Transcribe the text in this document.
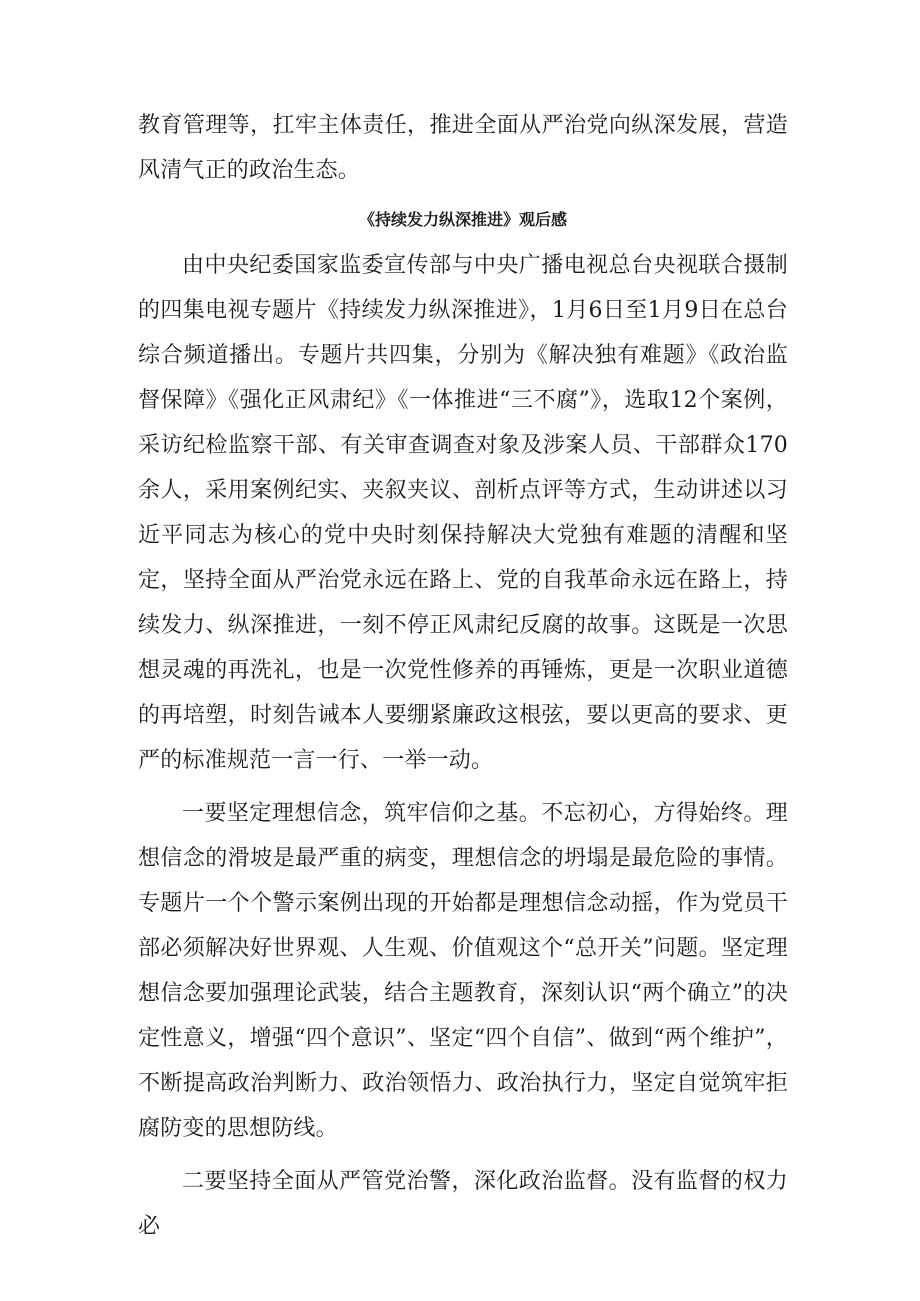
教育管理等，扛牢主体责任，推进全面从严治党向纵深发展，营造风清气正的政治生态。

《持续发力纵深推进》观后感

由中央纪委国家监委宣传部与中央广播电视总台央视联合摄制的四集电视专题片《持续发力纵深推进》，1月6日至1月9日在总台综合频道播出。专题片共四集，分别为《解决独有难题》《政治监督保障》《强化正风肃纪》《一体推进“三不腐”》，选取12个案例，采访纪检监察干部、有关审查调查对象及涉案人员、干部群众170余人，采用案例纪实、夹叙夹议、剖析点评等方式，生动讲述以习近平同志为核心的党中央时刻保持解决大党独有难题的清醒和坚定，坚持全面从严治党永远在路上、党的自我革命永远在路上，持续发力、纵深推进，一刻不停正风肃纪反腐的故事。这既是一次思想灵魂的再洗礼，也是一次党性修养的再锤炼，更是一次职业道德的再培塑，时刻告诫本人要绷紧廉政这根弦，要以更高的要求、更严的标准规范一言一行、一举一动。

一要坚定理想信念，筑牢信仰之基。不忘初心，方得始终。理想信念的滑坡是最严重的病变，理想信念的坍塌是最危险的事情。专题片一个个警示案例出现的开始都是理想信念动摇，作为党员干部必须解决好世界观、人生观、价值观这个“总开关”问题。坚定理想信念要加强理论武装，结合主题教育，深刻认识“两个确立”的决定性意义，增强“四个意识”、坚定“四个自信”、做到“两个维护”，不断提高政治判断力、政治领悟力、政治执行力，坚定自觉筑牢拒腐防变的思想防线。

二要坚持全面从严管党治警，深化政治监督。没有监督的权力必
